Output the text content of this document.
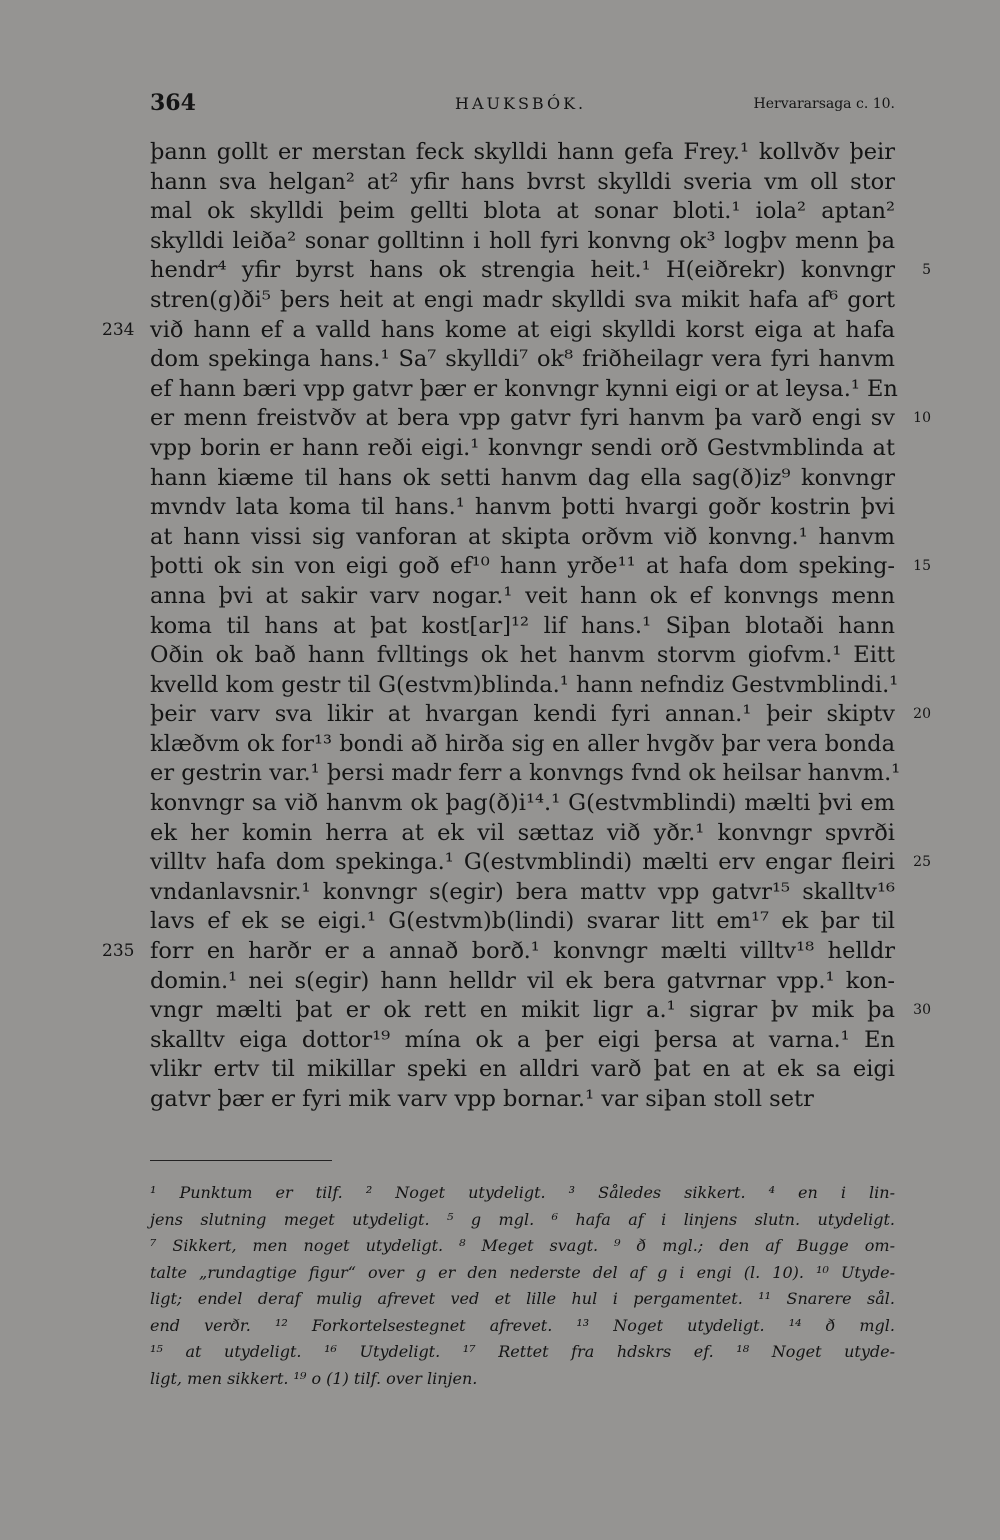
364	HAUKSBÓK.	Hervararsaga c. 10.
þann gollt er merstan feck skylldi hann gefa Frey.¹ kollvðv þeir
hann sva helgan² at² yfir hans bvrst skylldi sveria vm oll stor
mal ok skylldi þeim gellti blota at sonar bloti.¹ iola² aptan²
skylldi leiða² sonar golltinn i holl fyri konvng ok³ logþv menn þa
hendr⁴ yfir byrst hans ok strengia heit.¹ H(eiðrekr) konvngr 5
stren(g)ði⁵ þers heit at engi madr skylldi sva mikit hafa af⁶ gort
við hann ef a valld hans kome at eigi skylldi korst eiga at hafa
234
dom spekinga hans.¹ Sa⁷ skylldi⁷ ok⁸ friðheilagr vera fyri hanvm
ef hann bæri vpp gatvr þær er konvngr kynni eigi or at leysa.¹ En
er menn freistvðv at bera vpp gatvr fyri hanvm þa varð engi sv 10
vpp borin er hann reði eigi.¹ konvngr sendi orð Gestvmblinda at
hann kiæme til hans ok setti hanvm dag ella sag(ð)iz⁹ konvngr
mvndv lata koma til hans.¹ hanvm þotti hvargi goðr kostrin þvi
at hann vissi sig vanforan at skipta orðvm við konvng.¹ hanvm
þotti ok sin von eigi goð ef¹⁰ hann yrðe¹¹ at hafa dom speking- 15
anna þvi at sakir varv nogar.¹ veit hann ok ef konvngs menn
koma til hans at þat kost[ar]¹² lif hans.¹ Siþan blotaði hann
Oðin ok bað hann fvlltings ok het hanvm storvm giofvm.¹ Eitt
kvelld kom gestr til G(estvm)blinda.¹ hann nefndiz Gestvmblindi.¹
þeir varv sva likir at hvargan kendi fyri annan.¹ þeir skiptv 20
klæðvm ok for¹³ bondi að hirða sig en aller hvgðv þar vera bonda
er gestrin var.¹ þersi madr ferr a konvngs fvnd ok heilsar hanvm.¹
konvngr sa við hanvm ok þag(ð)i¹⁴.¹ G(estvmblindi) mælti þvi em
ek her komin herra at ek vil sættaz við yðr.¹ konvngr spvrði
villtv hafa dom spekinga.¹ G(estvmblindi) mælti erv engar fleiri 25
vndanlavsnir.¹ konvngr s(egir) bera mattv vpp gatvr¹⁵ skalltv¹⁶
lavs ef ek se eigi.¹ G(estvm)b(lindi) svarar litt em¹⁷ ek þar til
forr en harðr er a annað borð.¹ konvngr mælti villtv¹⁸ helldr
235
domin.¹ nei s(egir) hann helldr vil ek bera gatvrnar vpp.¹ kon-
vngr mælti þat er ok rett en mikit ligr a.¹ sigrar þv mik þa 30
skalltv eiga dottor¹⁹ mína ok a þer eigi þersa at varna.¹ En
vlikr ertv til mikillar speki en alldri varð þat en at ek sa eigi
gatvr þær er fyri mik varv vpp bornar.¹ var siþan stoll setr
¹ Punktum er tilf. ² Noget utydeligt. ³ Således sikkert. ⁴ en i lin-
jens slutning meget utydeligt. ⁵ g mgl. ⁶ hafa af i linjens slutn. utydeligt.
⁷ Sikkert, men noget utydeligt. ⁸ Meget svagt. ⁹ ð mgl.; den af Bugge om-
talte „rundagtige figur“ over g er den nederste del af g i engi (l. 10). ¹⁰ Utyde-
ligt; endel deraf mulig afrevet ved et lille hul i pergamentet. ¹¹ Snarere sål.
end verðr. ¹² Forkortelsestegnet afrevet. ¹³ Noget utydeligt. ¹⁴ ð mgl.
¹⁵ at utydeligt. ¹⁶ Utydeligt. ¹⁷ Rettet fra hdskrs ef. ¹⁸ Noget utyde-
ligt, men sikkert. ¹⁹ o (1) tilf. over linjen.
